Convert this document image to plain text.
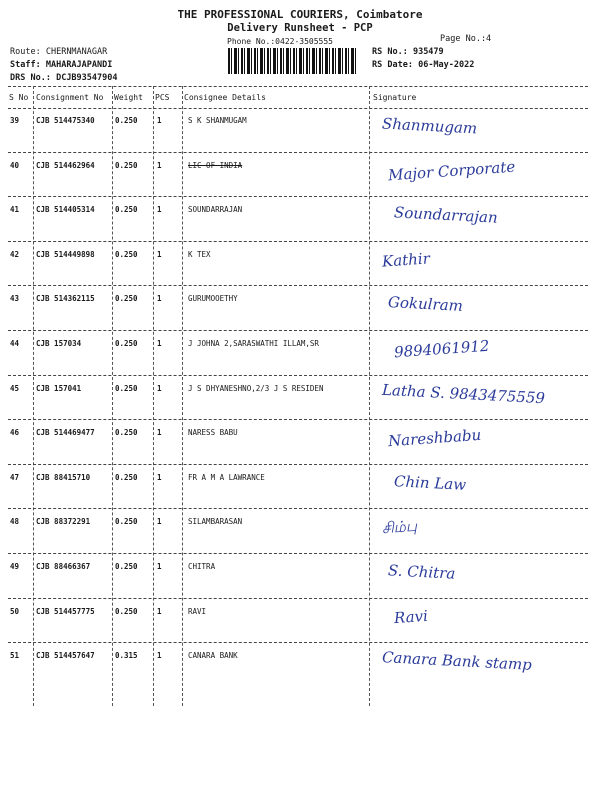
THE PROFESSIONAL COURIERS, Coimbatore
Delivery Runsheet - PCP
Phone No.:0422-3505555	Page No.:4
Route: CHERNMANAGAR
Staff: MAHARAJAPANDI
DRS No.: DCJB93547904
RS No.: 935479
RS Date: 06-May-2022
S No Consignment No Weight PCS Consignee Details	Signature
39 CJB 514475340	0.250	1	S K SHANMUGAM	Shanmugam
40 CJB 514462964	0.250	1	LIC OF INDIA	Major Corporate
41 CJB 514405314	0.250	1	SOUNDARRAJAN	Soundarrajan
42 CJB 514449898	0.250	1	K TEX	Kathir
43 CJB 514362115	0.250	1	GURUMOOETHY	Gokulram
44 CJB 157034	0.250	1	J JOHNA 2,SARASWATHI ILLAM,SR	9894061912
45 CJB 157041	0.250	1	J S DHYANESHNO,2/3 J S RESIDEN	Latha S. 9843475559
46 CJB 514469477	0.250	1	NARESS BABU	Nareshbabu
47 CJB 88415710	0.250	1	FR A M A LAWRANCE	Chin Law
48 CJB 88372291	0.250	1	SILAMBARASAN	சிம்பு
49 CJB 88466367	0.250	1	CHITRA	S. Chitra
50 CJB 514457775	0.250	1	RAVI	Ravi
51 CJB 514457647	0.315	1	CANARA BANK	Canara Bank stamp
